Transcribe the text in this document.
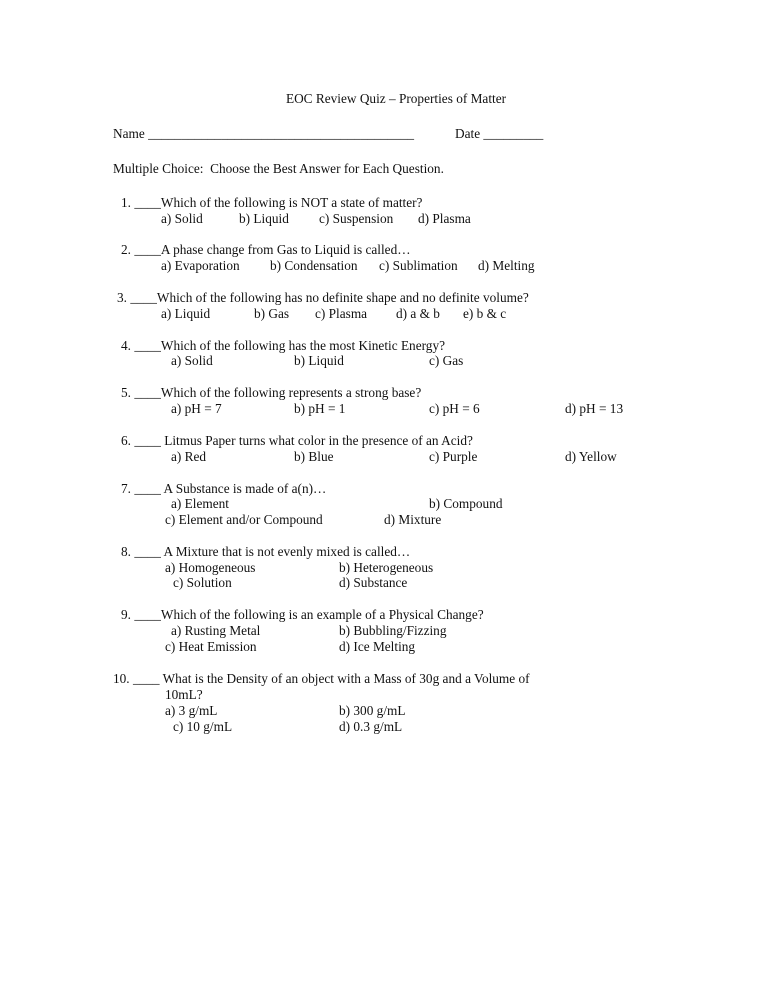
EOC Review Quiz – Properties of Matter
Name ________________________________________	Date _________
Multiple Choice:  Choose the Best Answer for Each Question.
1. ____Which of the following is NOT a state of matter?
a) Solid	b) Liquid c) Suspension d) Plasma
2. ____A phase change from Gas to Liquid is called…
a) Evaporation b) Condensation c) Sublimation d) Melting
3. ____Which of the following has no definite shape and no definite volume?
a) Liquid	b) Gas c) Plasma d) a & b e) b & c
4. ____Which of the following has the most Kinetic Energy?
a) Solid	b) Liquid	c) Gas
5. ____Which of the following represents a strong base?
a) pH = 7	b) pH = 1	c) pH = 6	d) pH = 13
6. ____ Litmus Paper turns what color in the presence of an Acid?
a) Red	b) Blue	c) Purple	d) Yellow
7. ____ A Substance is made of a(n)…
a) Element	b) Compound
c) Element and/or Compound	d) Mixture
8. ____ A Mixture that is not evenly mixed is called…
a) Homogeneous	b) Heterogeneous
c) Solution	d) Substance
9. ____Which of the following is an example of a Physical Change?
a) Rusting Metal	b) Bubbling/Fizzing
c) Heat Emission	d) Ice Melting
10. ____ What is the Density of an object with a Mass of 30g and a Volume of
10mL?
a) 3 g/mL	b) 300 g/mL
c) 10 g/mL	d) 0.3 g/mL
